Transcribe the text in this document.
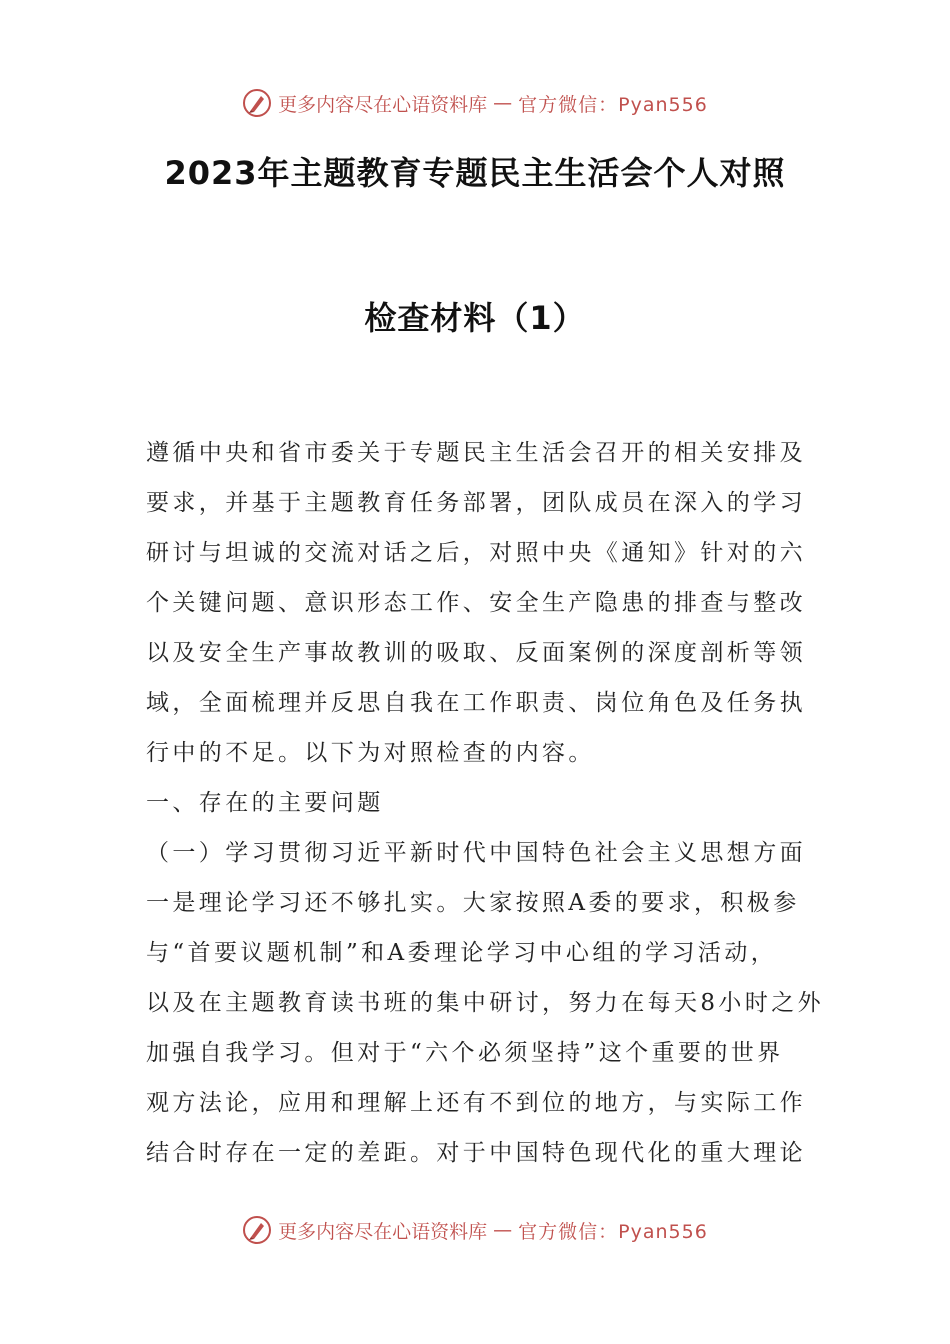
更多内容尽在心语资料库 — 官方微信：Pyan556
2023年主题教育专题民主生活会个人对照
检查材料（1）
遵循中央和省市委关于专题民主生活会召开的相关安排及
要求，并基于主题教育任务部署，团队成员在深入的学习
研讨与坦诚的交流对话之后，对照中央《通知》针对的六
个关键问题、意识形态工作、安全生产隐患的排查与整改
以及安全生产事故教训的吸取、反面案例的深度剖析等领
域，全面梳理并反思自我在工作职责、岗位角色及任务执
行中的不足。以下为对照检查的内容。
一、存在的主要问题
（一）学习贯彻习近平新时代中国特色社会主义思想方面
一是理论学习还不够扎实。大家按照A委的要求，积极参
与“首要议题机制”和A委理论学习中心组的学习活动，
以及在主题教育读书班的集中研讨，努力在每天8小时之外
加强自我学习。但对于“六个必须坚持”这个重要的世界
观方法论，应用和理解上还有不到位的地方，与实际工作
结合时存在一定的差距。对于中国特色现代化的重大理论
更多内容尽在心语资料库 — 官方微信：Pyan556
